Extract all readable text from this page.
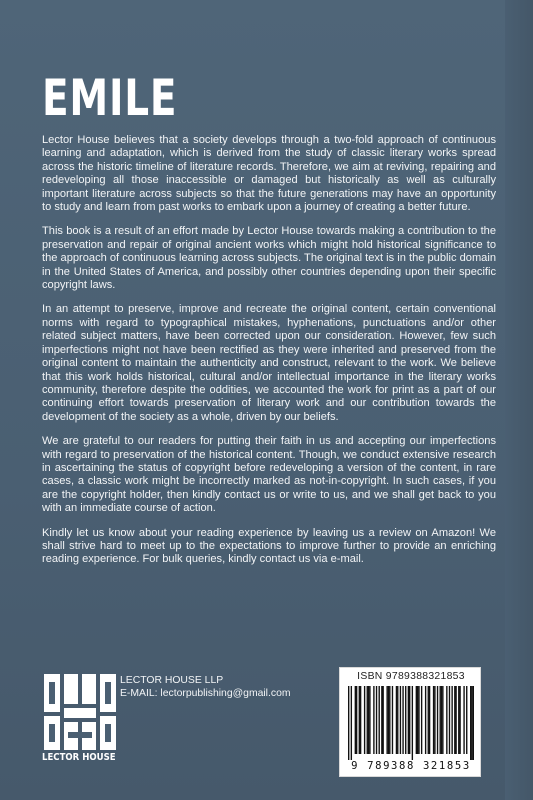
EMILE

Lector House believes that a society develops through a two-fold approach of continuous learning and adaptation, which is derived from the study of classic literary works spread across the historic timeline of literature records. Therefore, we aim at reviving, repairing and redeveloping all those inaccessible or damaged but historically as well as culturally important literature across subjects so that the future generations may have an opportunity to study and learn from past works to embark upon a journey of creating a better future.

This book is a result of an effort made by Lector House towards making a contribution to the preservation and repair of original ancient works which might hold historical significance to the approach of continuous learning across subjects. The original text is in the public domain in the United States of America, and possibly other countries depending upon their specific copyright laws.

In an attempt to preserve, improve and recreate the original content, certain conventional norms with regard to typographical mistakes, hyphenations, punctuations and/or other related subject matters, have been corrected upon our consideration. However, few such imperfections might not have been rectified as they were inherited and preserved from the original content to maintain the authenticity and construct, relevant to the work. We believe that this work holds historical, cultural and/or intellectual importance in the literary works community, therefore despite the oddities, we accounted the work for print as a part of our continuing effort towards preservation of literary work and our contribution towards the development of the society as a whole, driven by our beliefs.

We are grateful to our readers for putting their faith in us and accepting our imperfections with regard to preservation of the historical content. Though, we conduct extensive research in ascertaining the status of copyright before redeveloping a version of the content, in rare cases, a classic work might be incorrectly marked as not-in-copyright. In such cases, if you are the copyright holder, then kindly contact us or write to us, and we shall get back to you with an immediate course of action.

Kindly let us know about your reading experience by leaving us a review on Amazon! We shall strive hard to meet up to the expectations to improve further to provide an enriching reading experience. For bulk queries, kindly contact us via e-mail.

LECTOR HOUSE
LECTOR HOUSE LLP
E-MAIL: lectorpublishing@gmail.com
ISBN 9789388321853
9 789388 321853
